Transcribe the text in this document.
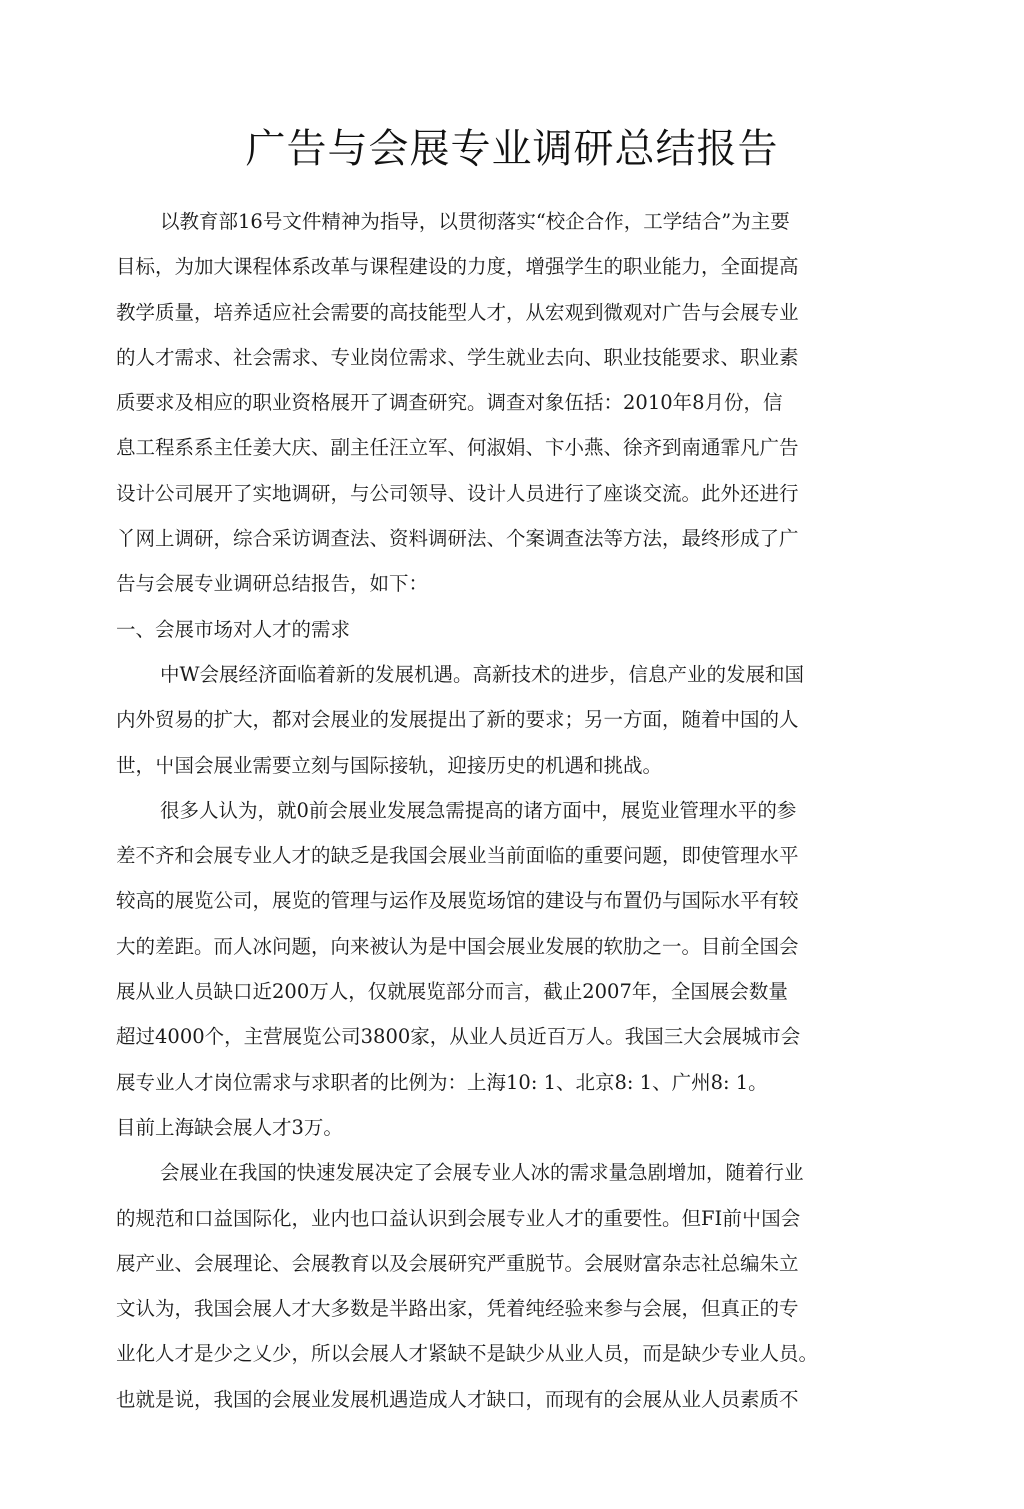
广告与会展专业调研总结报告
以教育部16号文件精神为指导，以贯彻落实“校企合作，工学结合”为主要
目标，为加大课程体系改革与课程建设的力度，增强学生的职业能力，全面提高
教学质量，培养适应社会需要的高技能型人才，从宏观到微观对广告与会展专业
的人才需求、社会需求、专业岗位需求、学生就业去向、职业技能要求、职业素
质要求及相应的职业资格展开了调查研究。调查对象伍括：2010年8月份，信
息工程系系主任姜大庆、副主任汪立军、何淑娟、卞小燕、徐齐到南通霏凡广告
设计公司展开了实地调研，与公司领导、设计人员进行了座谈交流。此外还进行
丫网上调研，综合采访调查法、资料调研法、个案调查法等方法，最终形成了广
告与会展专业调研总结报告，如下：
一、会展市场对人才的需求
中W会展经济面临着新的发展机遇。高新技术的进步，信息产业的发展和国
内外贸易的扩大，都对会展业的发展提出了新的要求；另一方面，随着中国的人
世，屮国会展业需要立刻与国际接轨，迎接历史的机遇和挑战。
很多人认为，就0前会展业发展急需提高的诸方面中，展览业管理水平的参
差不齐和会展专业人才的缺乏是我国会展业当前面临的重要问题，即使管理水平
较高的展览公司，展览的管理与运作及展览场馆的建设与布置仍与国际水平有较
大的差距。而人冰问题，向来被认为是中国会展业发展的软肋之一。目前全国会
展从业人员缺口近200万人，仅就展览部分而言，截止2007年，全国展会数量
超过4000个，主营展览公司3800家，从业人员近百万人。我国三大会展城市会
展专业人才岗位需求与求职者的比例为：上海10: 1、北京8: 1、广州8: 1。
目前上海缺会展人才3万。
会展业在我国的快速发展决定了会展专业人冰的需求量急剧增加，随着行业
的规范和口益国际化，业内也口益认识到会展专业人才的重要性。但FI前屮国会
展产业、会展理论、会展教育以及会展研究严重脱节。会展财富杂志社总编朱立
文认为，我国会展人才大多数是半路出家，凭着纯经验来参与会展，但真正的专
业化人才是少之乂少，所以会展人才紧缺不是缺少从业人员，而是缺少专业人员。
也就是说，我国的会展业发展机遇造成人才缺口，而现有的会展从业人员素质不
